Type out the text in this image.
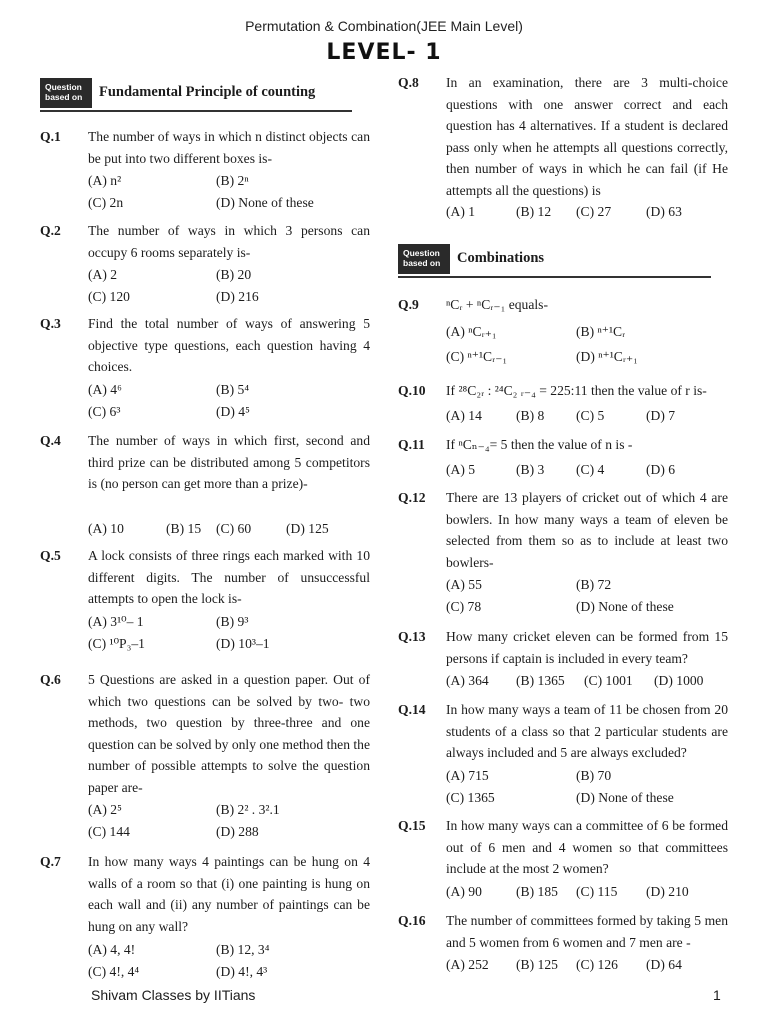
Permutation & Combination(JEE Main Level)
LEVEL- 1
Question based on	Fundamental Principle of counting
Q.1 The number of ways in which n distinct objects can be put into two different boxes is-
(A) n²	(B) 2ⁿ
(C) 2n	(D) None of these
Q.2 The number of ways in which 3 persons can occupy 6 rooms separately is-
(A) 2	(B) 20
(C) 120	(D) 216
Q.3 Find the total number of ways of answering 5 objective type questions, each question having 4 choices.
(A) 4⁶	(B) 5⁴
(C) 6³	(D) 4⁵
Q.4 The number of ways in which first, second and third prize can be distributed among 5 competitors is (no person can get more than a prize)-
(A) 10	(B) 15 (C) 60	(D) 125
Q.5 A lock consists of three rings each marked with 10 different digits. The number of unsuccessful attempts to open the lock is-
(A) 3¹⁰– 1	(B) 9³
(C) ¹⁰P₃–1	(D) 10³–1
Q.6 5 Questions are asked in a question paper. Out of which two questions can be solved by two- two methods, two question by three-three and one question can be solved by only one method then the number of possible attempts to solve the question paper are-
(A) 2⁵	(B) 2² . 3².1
(C) 144	(D) 288
Q.7 In how many ways 4 paintings can be hung on 4 walls of a room so that (i) one painting is hung on each wall and (ii) any number of paintings can be hung on any wall?
(A) 4, 4!	(B) 12, 3⁴
(C) 4!, 4⁴	(D) 4!, 4³
Q.8 In an examination, there are 3 multi-choice questions with one answer correct and each question has 4 alternatives. If a student is declared pass only when he attempts all questions correctly, then number of ways in which he can fail (if He attempts all the questions) is
(A) 1	(B) 12 (C) 27	(D) 63
Question based on	Combinations
Q.9 ⁿCᵣ + ⁿCᵣ₋₁ equals-
(A) ⁿCᵣ₊₁	(B) ⁿ⁺¹Cᵣ
(C) ⁿ⁺¹Cᵣ₋₁	(D) ⁿ⁺¹Cᵣ₊₁
Q.10 If ²⁸C₂ᵣ : ²⁴C₂ ᵣ₋₄ = 225:11 then the value of r is-
(A) 14	(B) 8 (C) 5	(D) 7
Q.11 If ⁿCₙ₋₄= 5 then the value of n is -
(A) 5	(B) 3 (C) 4	(D) 6
Q.12 There are 13 players of cricket out of which 4 are bowlers. In how many ways a team of eleven be selected from them so as to include at least two bowlers-
(A) 55	(B) 72
(C) 78	(D) None of these
Q.13 How many cricket eleven can be formed from 15 persons if captain is included in every team?
(A) 364 (B) 1365 (C) 1001 (D) 1000
Q.14 In how many ways a team of 11 be chosen from 20 students of a class so that 2 particular students are always included and 5 are always excluded?
(A) 715	(B) 70
(C) 1365	(D) None of these
Q.15 In how many ways can a committee of 6 be formed out of 6 men and 4 women so that committees include at the most 2 women?
(A) 90	(B) 185 (C) 115 (D) 210
Q.16 The number of committees formed by taking 5 men and 5 women from 6 women and 7 men are -
(A) 252 (B) 125 (C) 126 (D) 64
Shivam Classes by IITians	1
